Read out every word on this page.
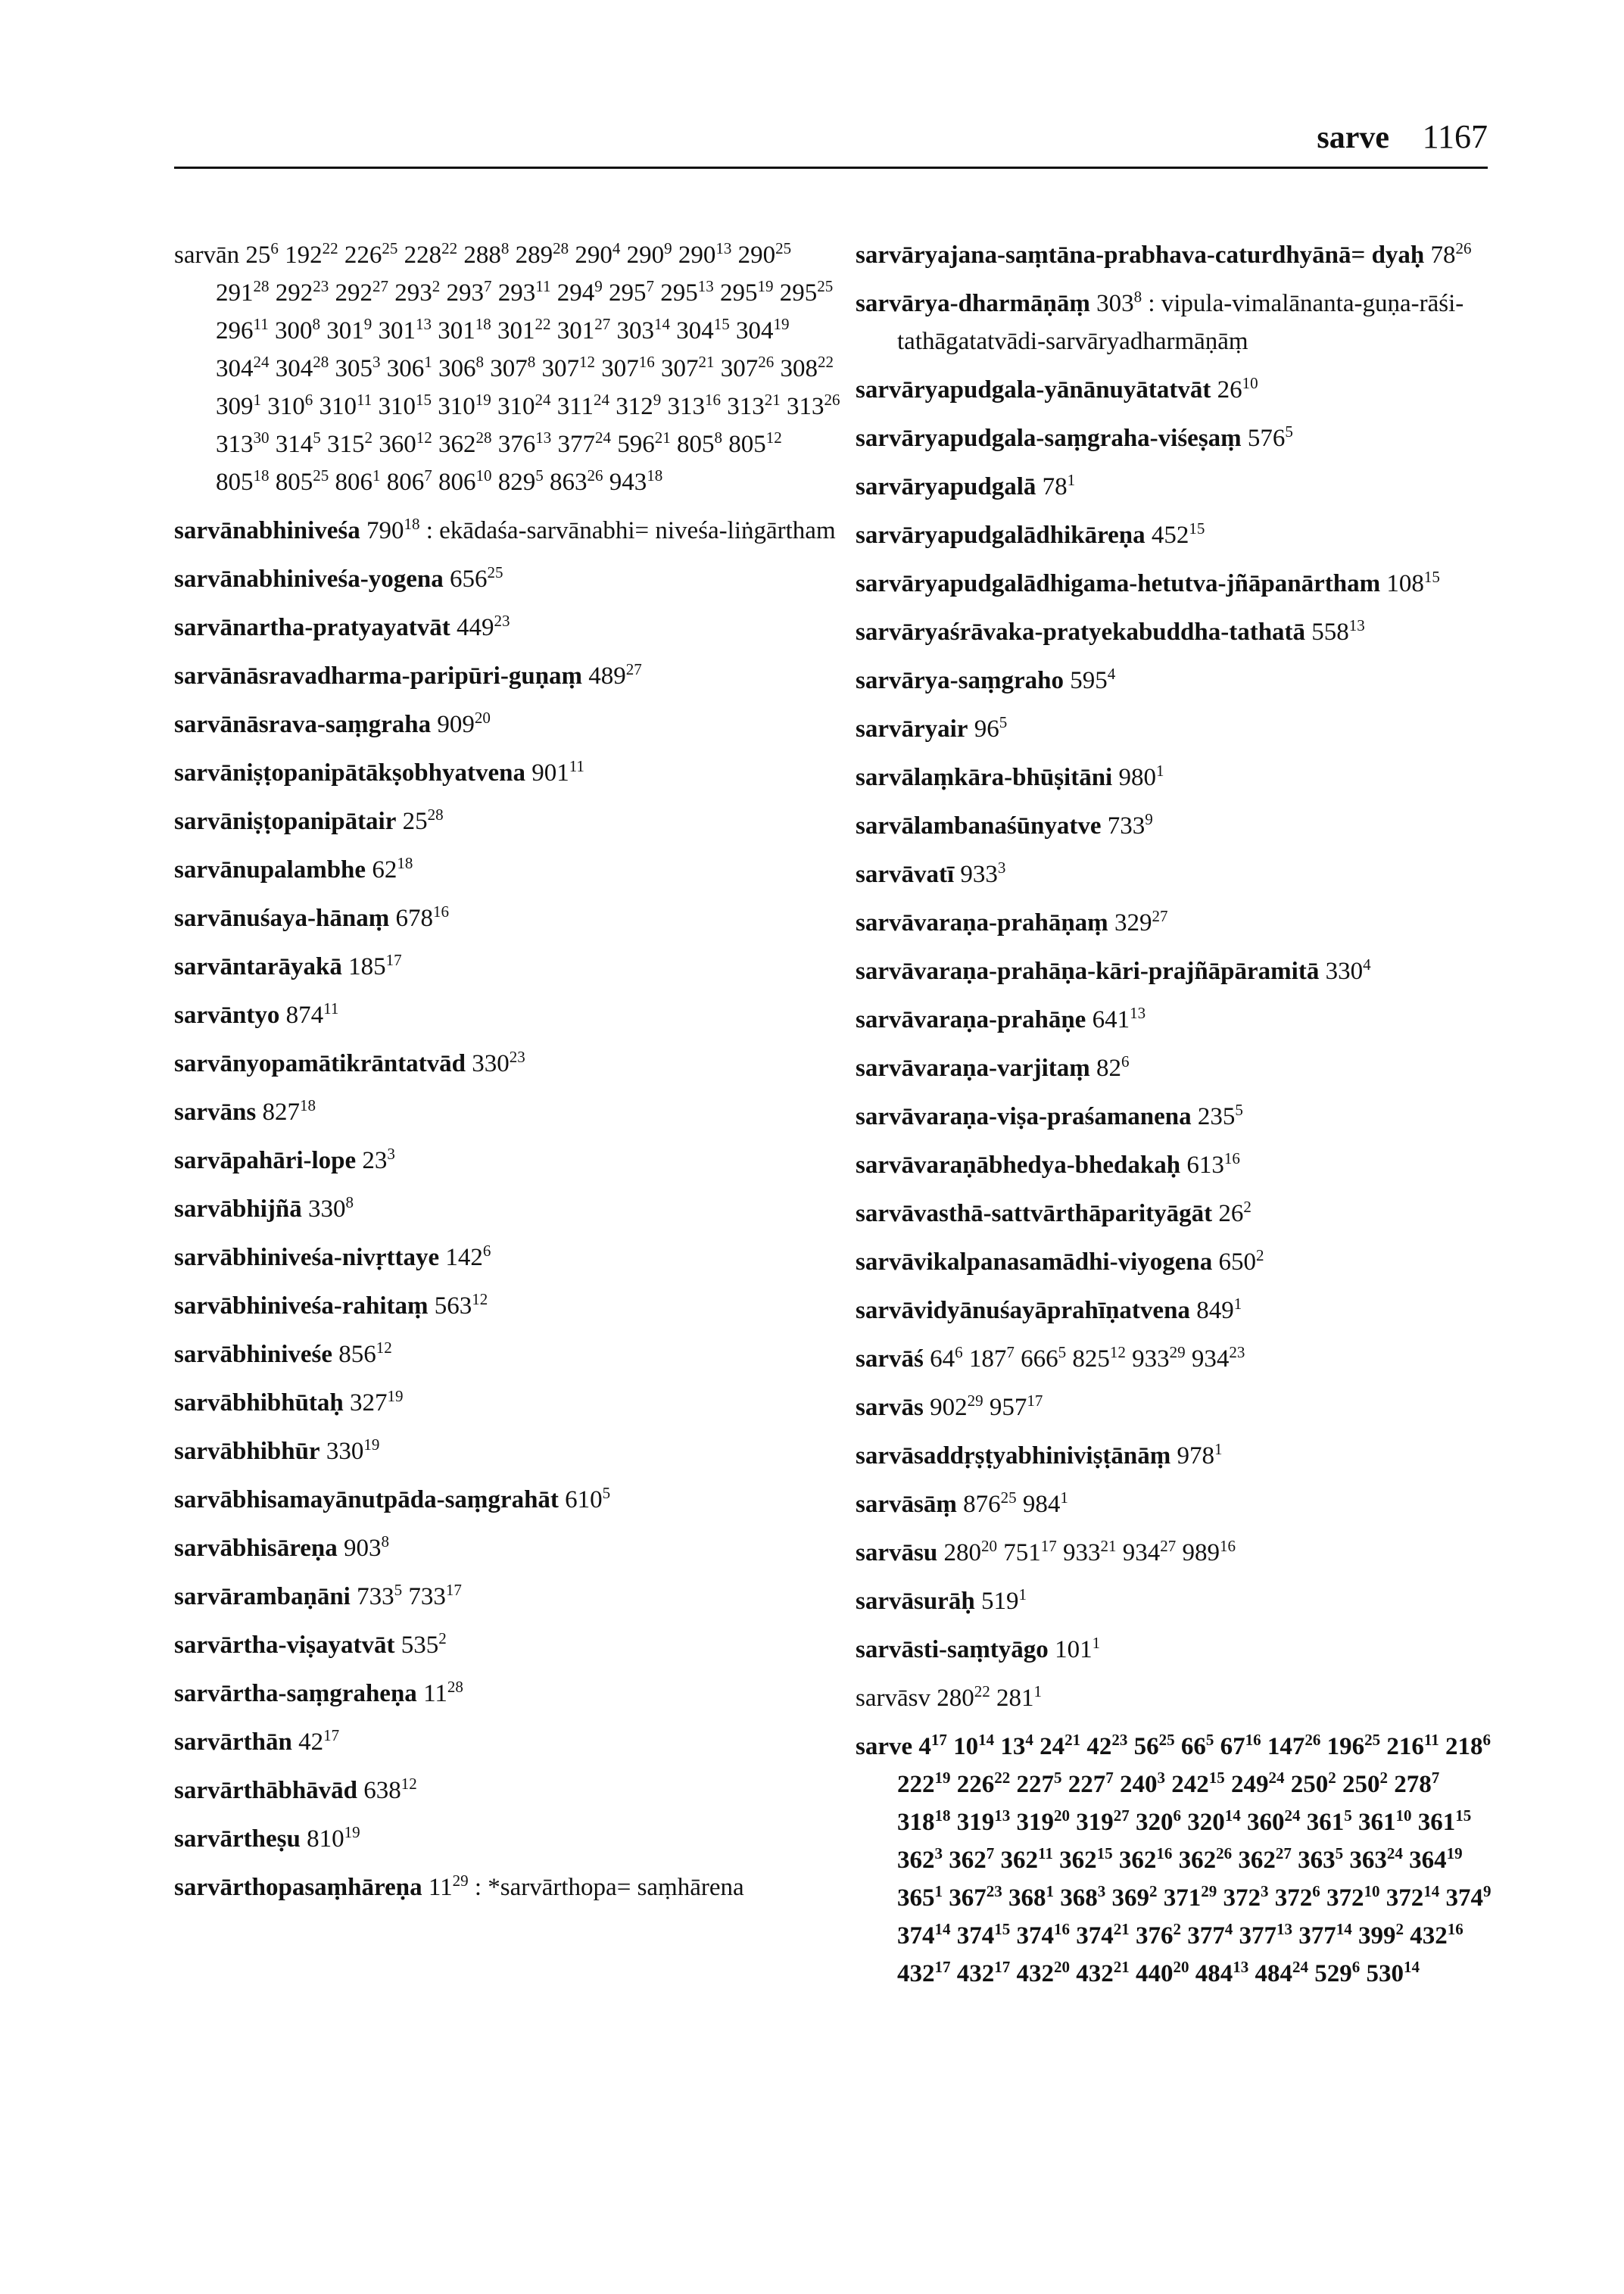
sarve 1167
sarvān $25^6$ $192^{22}$ $226^{25}$ $228^{22}$ $288^8$ $289^{28}$ $290^4$ $290^9$ $290^{13}$ $290^{25}$ $291^{28}$ $292^{23}$ $292^{27}$ $293^2$ $293^7$ $293^{11}$ $294^9$ $295^7$ $295^{13}$ $295^{19}$ $295^{25}$ $296^{11}$ $300^8$ $301^9$ $301^{13}$ $301^{18}$ $301^{22}$ $301^{27}$ $303^{14}$ $304^{15}$ $304^{19}$ $304^{24}$ $304^{28}$ $305^3$ $306^1$ $306^8$ $307^8$ $307^{12}$ $307^{16}$ $307^{21}$ $307^{26}$ $308^{22}$ $309^1$ $310^6$ $310^{11}$ $310^{15}$ $310^{19}$ $310^{24}$ $311^{24}$ $312^9$ $313^{16}$ $313^{21}$ $313^{26}$ $313^{30}$ $314^5$ $315^2$ $360^{12}$ $362^{28}$ $376^{13}$ $377^{24}$ $596^{21}$ $805^8$ $805^{12}$ $805^{18}$ $805^{25}$ $806^1$ $806^7$ $806^{10}$ $829^5$ $863^{26}$ $943^{18}$
sarvānabhiniveśa $790^{18}$ : ekādaśa-sarvānabhi= niveśa-liṅgārtham
sarvānabhiniveśa-yogena $656^{25}$
sarvānartha-pratyayatvāt $449^{23}$
sarvānāsravadharma-paripūri-guṇaṃ $489^{27}$
sarvānāsrava-saṃgraha $909^{20}$
sarvāniṣṭopanipātākṣobhyatvena $901^{11}$
sarvāniṣṭopanipātair $25^{28}$
sarvānupalambhe $62^{18}$
sarvānuśaya-hānaṃ $678^{16}$
sarvāntarāyakā $185^{17}$
sarvāntyo $874^{11}$
sarvānyopamātikrāntatvād $330^{23}$
sarvāns $827^{18}$
sarvāpahāri-lope $23^3$
sarvābhijñā $330^8$
sarvābhiniveśa-nivṛttaye $142^6$
sarvābhiniveśa-rahitaṃ $563^{12}$
sarvābhiniveśe $856^{12}$
sarvābhibhūtaḥ $327^{19}$
sarvābhibhūr $330^{19}$
sarvābhisamayānutpāda-saṃgrahāt $610^5$
sarvābhisāreṇa $903^8$
sarvārambaṇāni $733^5$ $733^{17}$
sarvārtha-viṣayatvāt $535^2$
sarvārtha-saṃgraheṇa $11^{28}$
sarvārthān $42^{17}$
sarvārthābhāvād $638^{12}$
sarvārtheṣu $810^{19}$
sarvārthopasaṃhāreṇa $11^{29}$ : *sarvārthopa= saṃhārena
sarvāryajana-saṃtāna-prabhava-caturdhyānā= dyaḥ $78^{26}$
sarvārya-dharmāṇāṃ $303^8$ : vipula-vimalānanta-guṇa-rāśi-tathāgatatvādi-sarvāryadharmāṇāṃ
sarvāryapudgala-yānānuyātatvāt $26^{10}$
sarvāryapudgala-saṃgraha-viśeṣaṃ $576^5$
sarvāryapudgalā $78^1$
sarvāryapudgalādhikāreṇa $452^{15}$
sarvāryapudgalādhigama-hetutva-jñāpanārtham $108^{15}$
sarvāryaśrāvaka-pratyekabuddha-tathatā $558^{13}$
sarvārya-saṃgraho $595^4$
sarvāryair $96^5$
sarvālaṃkāra-bhūṣitāni $980^1$
sarvālambanaśūnyatve $733^9$
sarvāvatī $933^3$
sarvāvaraṇa-prahāṇaṃ $329^{27}$
sarvāvaraṇa-prahāṇa-kāri-prajñāpāramitā $330^4$
sarvāvaraṇa-prahāṇe $641^{13}$
sarvāvaraṇa-varjitaṃ $82^6$
sarvāvaraṇa-viṣa-praśamanena $235^5$
sarvāvaraṇābhedya-bhedakaḥ $613^{16}$
sarvāvasthā-sattvārthāparityāgāt $26^2$
sarvāvikalpanasamādhi-viyogena $650^2$
sarvāvidyānuśayāprahīṇatvena $849^1$
sarvāś $64^6$ $187^7$ $666^5$ $825^{12}$ $933^{29}$ $934^{23}$
sarvās $902^{29}$ $957^{17}$
sarvāsaddṛṣṭyabhiniviṣṭānāṃ $978^1$
sarvāsāṃ $876^{25}$ $984^1$
sarvāsu $280^{20}$ $751^{17}$ $933^{21}$ $934^{27}$ $989^{16}$
sarvāsurāḥ $519^1$
sarvāsti-saṃtyāgo $101^1$
sarvāsv $280^{22}$ $281^1$
sarve $4^{17}$ $10^{14}$ $13^4$ $24^{21}$ $42^{23}$ $56^{25}$ $66^5$ $67^{16}$ $147^{26}$ $196^{25}$ $216^{11}$ $218^6$ $222^{19}$ $226^{22}$ $227^5$ $227^7$ $240^3$ $242^{15}$ $249^{24}$ $250^2$ $250^2$ $278^7$ $318^{18}$ $319^{13}$ $319^{20}$ $319^{27}$ $320^6$ $320^{14}$ $360^{24}$ $361^5$ $361^{10}$ $361^{15}$ $362^3$ $362^7$ $362^{11}$ $362^{15}$ $362^{16}$ $362^{26}$ $362^{27}$ $363^5$ $363^{24}$ $364^{19}$ $365^1$ $367^{23}$ $368^1$ $368^3$ $369^2$ $371^{29}$ $372^3$ $372^6$ $372^{10}$ $372^{14}$ $374^9$ $374^{14}$ $374^{15}$ $374^{16}$ $374^{21}$ $376^2$ $377^4$ $377^{13}$ $377^{14}$ $399^2$ $432^{16}$ $432^{17}$ $432^{17}$ $432^{20}$ $432^{21}$ $440^{20}$ $484^{13}$ $484^{24}$ $529^6$ $530^{14}$
